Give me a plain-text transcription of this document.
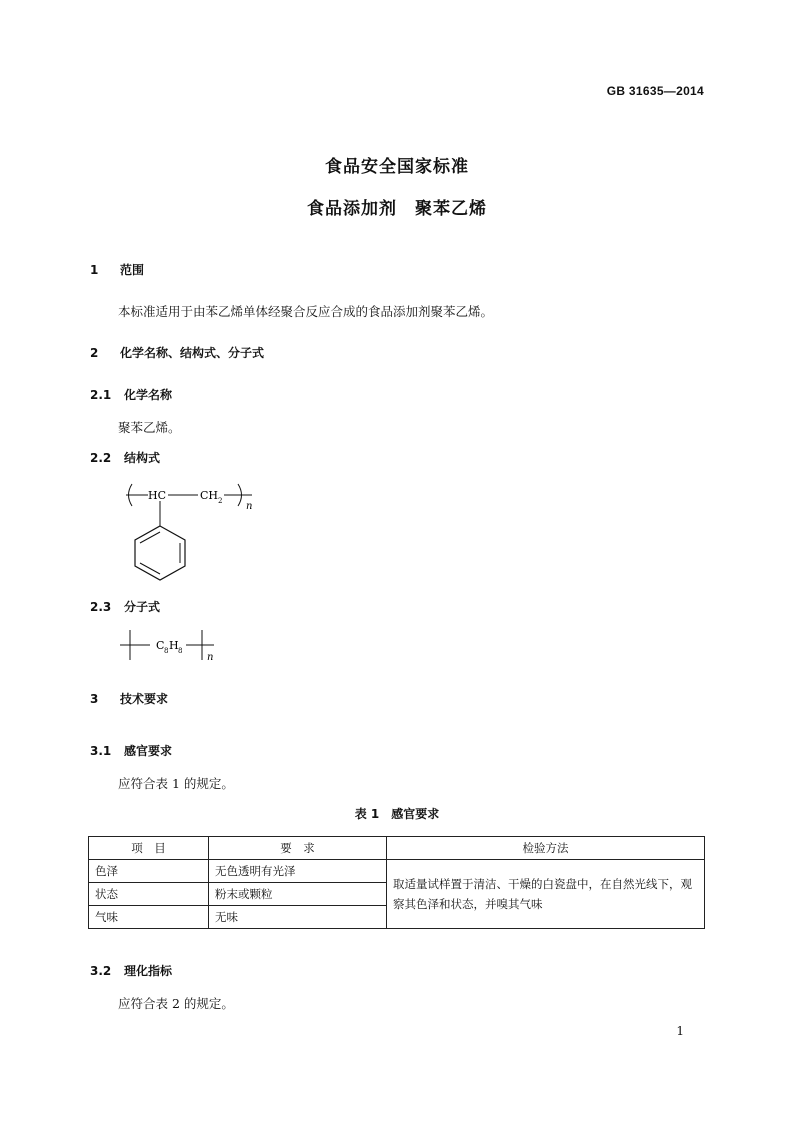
GB 31635—2014
食品安全国家标准
食品添加剂　聚苯乙烯
1 范围
本标准适用于由苯乙烯单体经聚合反应合成的食品添加剂聚苯乙烯。
2 化学名称、结构式、分子式
2.1 化学名称
聚苯乙烯。
2.2 结构式
HC	CH 2 n
2.3 分子式
C 8 H 8
n
3 技术要求
3.1 感官要求
应符合表 1 的规定。
表 1　感官要求
项　目	要　求	检验方法
色泽	无色透明有光泽	取适量试样置于清洁、干燥的白瓷盘中，在自然光线下，观察其色泽和状态，并嗅其气味
状态	粉末或颗粒	
气味	无味	
3.2 理化指标
应符合表 2 的规定。
1
